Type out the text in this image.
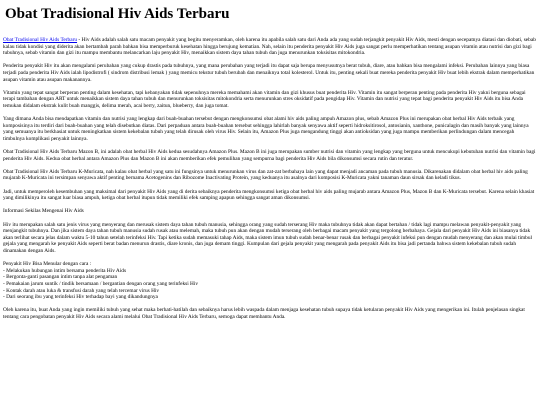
Obat Tradisional Hiv Aids Terbaru

Obat Tradisional Hiv Aids Terbaru - Hiv Aids adalah salah satu macam penyakit yang begitu menyeramkan, oleh karena itu apabila salah satu dari Anda ada yang sudah terjangkit penyakit Hiv Aids, mesti dengan secepatnya diatasi dan diobati, sebab kalau tidak kondisi yang diderita akan bertambah parah bahkan bisa memperburuk kesehatan hingga berujung kematian. Nah, selain itu penderita penyakit Hiv Aids juga sangat perlu memperhatikan tentang asupan vitamin atau nutrisi dan gizi bagi tubuhnya, sebab vitamin dan gizi itu mampu membantu melancarkan laju penyakit Hiv, menaikkan sistem daya tahan tubuh dan juga menurunkan toksisitas mitokondria.

Penderita penyakit Hiv itu akan mengalami perubahan yang cukup drastis pada tubuhnya, yang mana perubahan yang terjadi itu dapat saja berupa menyusutnya berat tubuh, diare, atau bahkan bisa mengalami infeksi. Perubahan lainnya yang biasa terjadi pada penderita Hiv Aids ialah lipodistrofi ( sindrom distribusi lemak ) yang memicu tekstur tubuh berubah dan menaiknya total kolesterol. Untuk itu, penting sekali buat mereka penderita penyakit Hiv buat lebih ekstrak dalam memperhatikan asupan vitamin atau asupan makanannya.

Vitamin yang tepat sangat berperan penting dalam kesehatan, tapi kebanyakan tidak sepenuhnya mereka memahami akan vitamin dan gizi khusus buat penderita Hiv. Vitamin itu sangat berperan penting pada penderita Hiv yakni berguna sebagai terapi tambahan dengan ART untuk menaikkan sistem daya tahan tubuh dan menurunkan toksisitas mitokondria serta menurunkan stres oksidatif pada pengidap Hiv. Vitamin dan nutrisi yang tepat bagi penderita penyakit Hiv Aids itu bisa Anda temukan didalam ekstrak kulit buah manggis, delima merah, acai berry, zaitun, blueberry, dan juga tomat.

Yang dimana Anda bisa mendapatkan vitamin dan nutrisi yang lengkap dari buah-buahan tersebut dengan mengkonsumsi obat alami hiv aids paling ampuh Amazon plus, sebab Amazon Plus ini merupakan obat herbal Hiv Aids terbaik yang komposisinya itu terdiri dari buah-buahan yang telah disebutkan diatas. Dari perpaduan antara buah-buahan tersebut sehingga lahirlah banyak senyawa aktif seperti hidroksitirosol, antosianin, xanthone, punicalagin dan masih banyak yang lainnya yang semuanya itu berkhasiat untuk meningkatkan sistem kekebalan tubuh yang telah dirusak oleh virus Hiv. Selain itu, Amazon Plus juga mengandung tinggi akan antioksidan yang juga mampu memberikan perlindungan dalam mencegah timbulnya komplikasi penyakit lainnya.

Obat Tradisional Hiv Aids Terbaru Mazon B, ini adalah obat herbal Hiv Aids kedua sesudahnya Amazon Plus. Mazon B ini juga merupakan sumber nutrisi dan vitamin yang lengkap yang berguna untuk mencukupi kebutuhan nutrisi dan vitamin bagi penderita Hiv Aids. Kedua obat herbal antara Amazon Plus dan Mazon B ini akan memberikan efek pemulihan yang sempurna bagi penderita Hiv Aids bila dikonsumsi secara rutin dan teratur.

Obat Tradisional Hiv Aids Terbaru K-Muricata, nah kalau obat herbal yang satu ini fungsinya untuk menurunkan virus dan zat-zat berbahaya lain yang dapat menjadi ancaman pada tubuh manusia. Dikarenakan didalam obat herbal hiv aids paling mujarab K-Muricata ini tersimpan senyawa aktif penting bernama Acetogenins dan Ribozome Inactivating Protein, yang keduanya itu asalnya dari komposisi K-Muricata yakni tanaman daun sirsak dan keladi tikus.

Jadi, untuk memperoleh kesembuhan yang maksimal dari penyakit Hiv Aids yang di derita sebaiknya penderita mengkonsumsi ketiga obat herbal hiv aids paling mujarab antara Amazon Plus, Mazon B dan K-Muricata tersebut. Karena selain khasiat yang dimilikinya itu sangat luar biasa ampuh, ketiga obat herbal itupun tidak memiliki efek samping apapun sehingga sangat aman dikonsumsi.

Informasi Sekilas Mengenai Hiv Aids

Hiv itu merupakan salah satu jenis virus yang menyerang dan merusak sistem daya tahan tubuh manusia, sehingga orang yang sudah terserang Hiv maka tubuhnya tidak akan dapat bertahan / tidak lagi mampu melawan penyakit-penyakit yang menjangkit tubuhnya. Dan jika sistem daya tahan tubuh manusia sudah rusak atau melemah, maka tubuh pun akan dengan mudah terserang oleh berbagai macam penyakit yang tergolong berbahaya. Gejala dari penyakit Hiv Aids ini biasanya tidak akan terlihat secara jelas dalam waktu 5-10 tahun setelah terinfeksi Hiv. Tapi ketika sudah memasuki tahap Aids, maka sistem imun tubuh sudah benar-benar rusak dan berbagai penyakit infeksi pun dengan mudah menyerang dan akan mulai timbul gejala yang mengarah ke penyakit Aids seperti berat badan menurun drastis, diare kronis, dan juga demam tinggi. Kumpulan dari gejala penyakit yang mengarah pada penyakit Aids itu bisa jadi pertanda bahwa sistem kekebalan tubuh sudah dinamakan dengan Aids.

Penyakit Hiv Bisa Menular dengan cara :
- Melakukan hubungan intim bersama penderita Hiv Aids
- Bergonta-ganti pasangan intim tanpa alat pengaman
- Pemakaian jarum suntik / tindik bersamaan / bergantian dengan orang yang terinfeksi Hiv
- Kontak darah atau luka & transfusi darah yang telah tercemar virus Hiv
- Dari seorang ibu yang terinfeksi Hiv terhadap bayi yang dikandungnya

Oleh karena itu, buat Anda yang ingin memiliki tubuh yang sehat maka berhati-hatilah dan sebaiknya harus lebih waspada dalam menjaga kesehatan tubuh supaya tidak ketularan penyakit Hiv Aids yang mengerikan ini. Itulah penjelasan singkat tentang cara pengobatan penyakit Hiv Aids secara alami melalui Obat Tradisional Hiv Aids Terbaru, semoga dapat membantu Anda.
